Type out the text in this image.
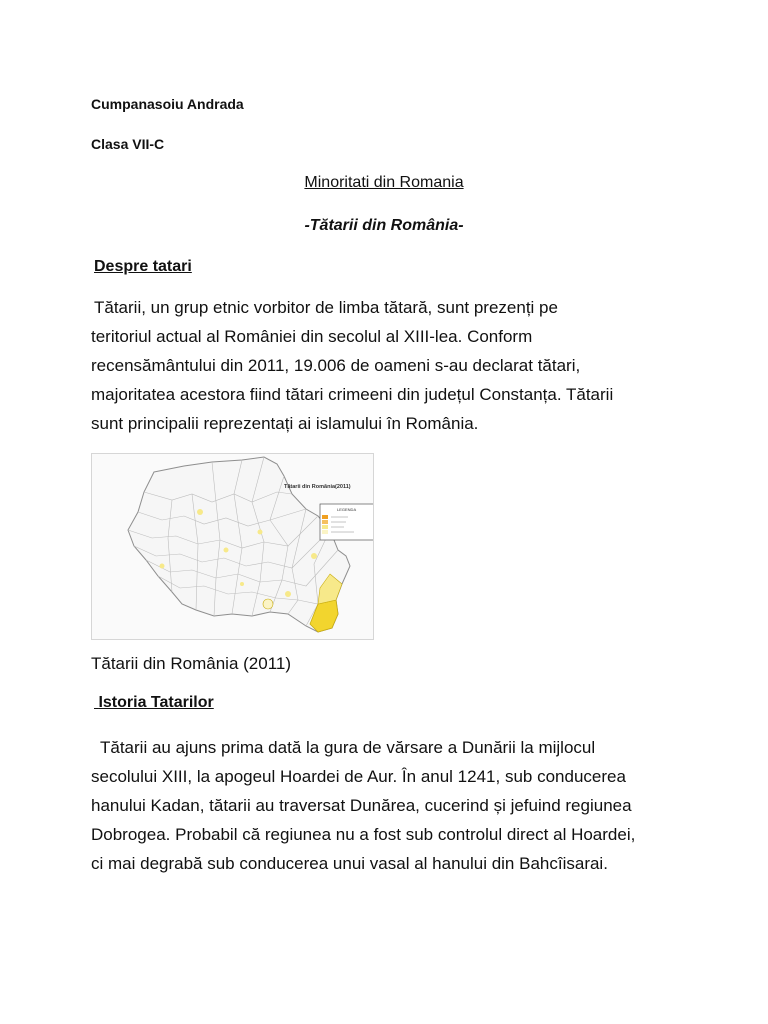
Cumpanasoiu Andrada

Clasa VII-C

Minoritati din Romania

-Tătarii din România-

Despre tatari

Tătarii, un grup etnic vorbitor de limba tătară, sunt prezenți pe
teritoriul actual al României din secolul al XIII-lea. Conform
recensământului din 2011, 19.006 de oameni s-au declarat tătari,
majoritatea acestora fiind tătari crimeeni din județul Constanța. Tătarii
sunt principalii reprezentați ai islamului în România.
Tătarii din România(2011)
LEGENDA

Tătarii din România (2011)

Istoria Tatarilor

Tătarii au ajuns prima dată la gura de vărsare a Dunării la mijlocul
secolului XIII, la apogeul Hoardei de Aur. În anul 1241, sub conducerea
hanului Kadan, tătarii au traversat Dunărea, cucerind și jefuind regiunea
Dobrogea. Probabil că regiunea nu a fost sub controlul direct al Hoardei,
ci mai degrabă sub conducerea unui vasal al hanului din Bahcîisarai.
